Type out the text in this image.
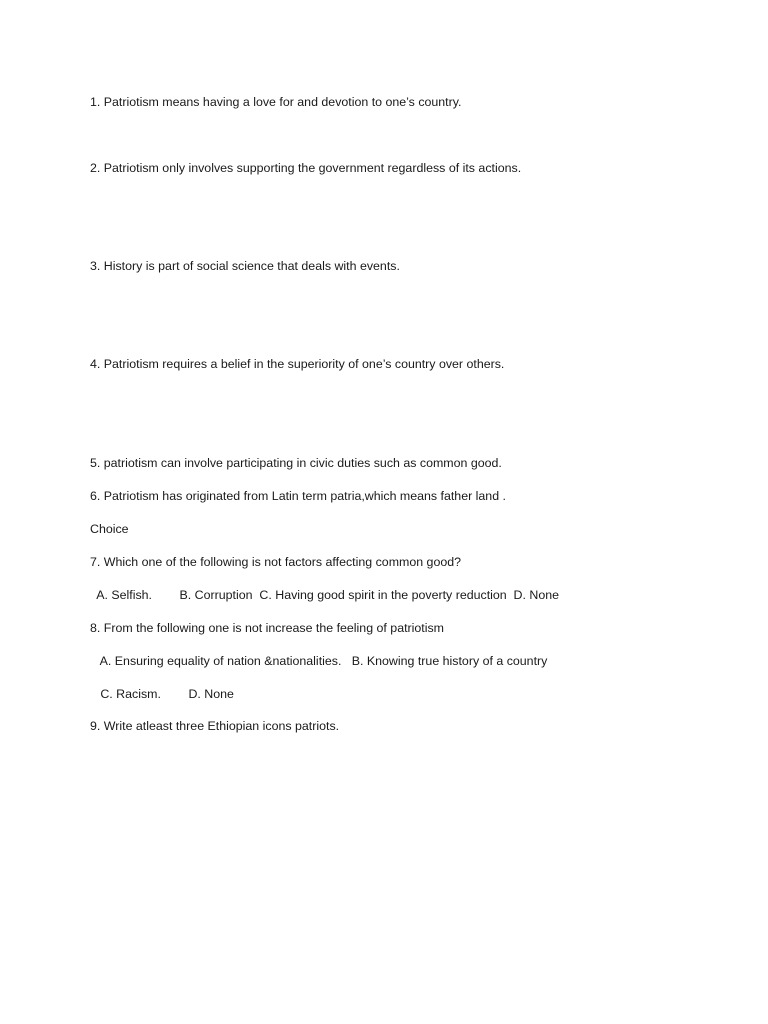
1. Patriotism means having a love for and devotion to one’s country.
2. Patriotism only involves supporting the government regardless of its actions.
3. History is part of social science that deals with events.
4. Patriotism requires a belief in the superiority of one’s country over others.
5. patriotism can involve participating in civic duties such as common good.
6. Patriotism has originated from Latin term patria,which means father land .
Choice
7. Which one of the following is not factors affecting common good?
A. Selfish.        B. Corruption  C. Having good spirit in the poverty reduction  D. None
8. From the following one is not increase the feeling of patriotism
A. Ensuring equality of nation &nationalities.   B. Knowing true history of a country
C. Racism.        D. None
9. Write atleast three Ethiopian icons patriots.
